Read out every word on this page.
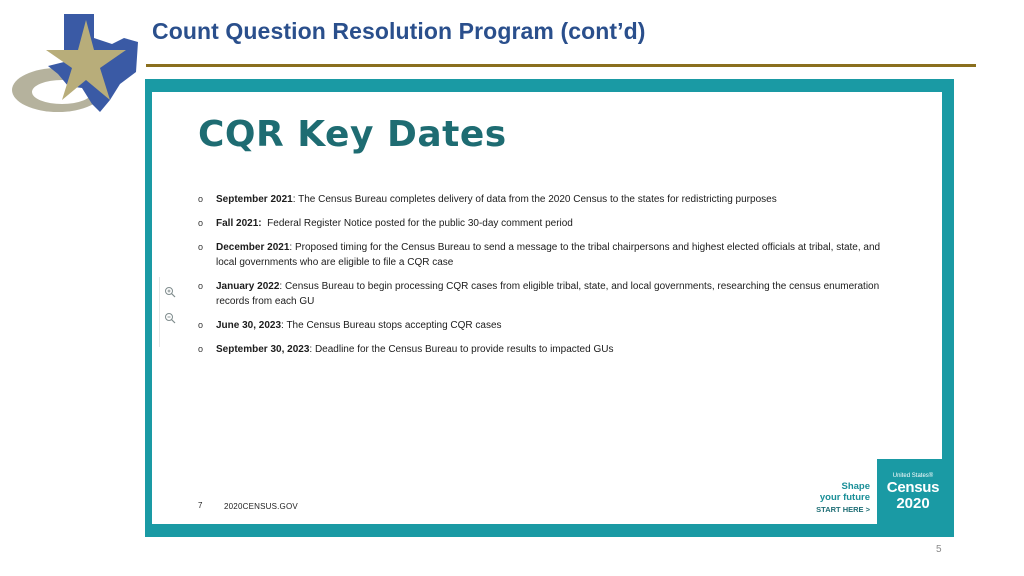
Count Question Resolution Program (cont’d)
CQR Key Dates
o September 2021: The Census Bureau completes delivery of data from the 2020 Census to the states for redistricting purposes
o Fall 2021: Federal Register Notice posted for the public 30-day comment period
o December 2021: Proposed timing for the Census Bureau to send a message to the tribal chairpersons and highest elected officials at tribal, state, and local governments who are eligible to file a CQR case
o January 2022: Census Bureau to begin processing CQR cases from eligible tribal, state, and local governments, researching the census enumeration records from each GU
o June 30, 2023: The Census Bureau stops accepting CQR cases
o September 30, 2023: Deadline for the Census Bureau to provide results to impacted GUs
7	2020CENSUS.GOV
Shape
your future
START HERE >
United States®
Census
2020
5
